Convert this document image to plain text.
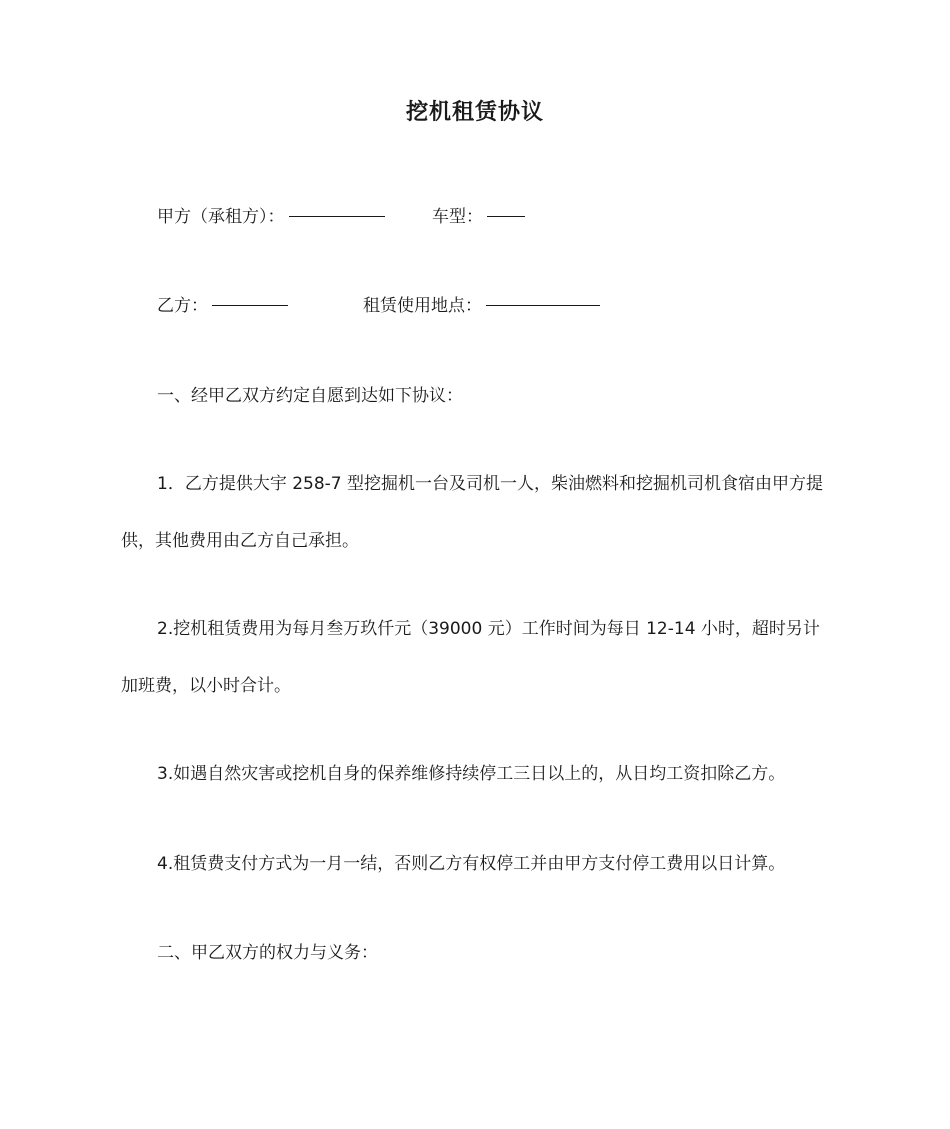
挖机租赁协议
甲方（承租方）：	车型：
乙方：	租赁使用地点：
一、经甲乙双方约定自愿到达如下协议：
1．乙方提供大宇 258-7 型挖掘机一台及司机一人，柴油燃料和挖掘机司机食宿由甲方提供，其他费用由乙方自己承担。
2.挖机租赁费用为每月叁万玖仟元（39000 元）工作时间为每日 12-14 小时，超时另计加班费，以小时合计。
3.如遇自然灾害或挖机自身的保养维修持续停工三日以上的，从日均工资扣除乙方。
4.租赁费支付方式为一月一结，否则乙方有权停工并由甲方支付停工费用以日计算。
二、甲乙双方的权力与义务：
